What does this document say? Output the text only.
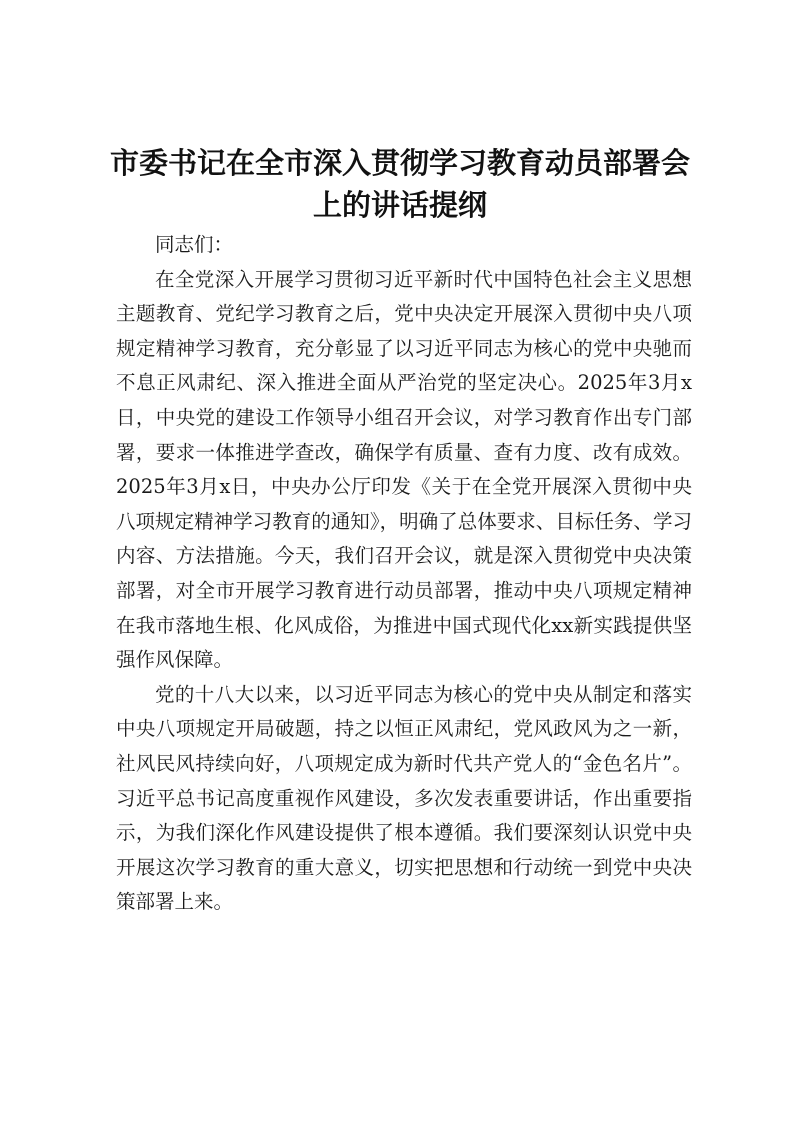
市委书记在全市深入贯彻学习教育动员部署会上的讲话提纲

同志们：

在全党深入开展学习贯彻习近平新时代中国特色社会主义思想主题教育、党纪学习教育之后，党中央决定开展深入贯彻中央八项规定精神学习教育，充分彰显了以习近平同志为核心的党中央驰而不息正风肃纪、深入推进全面从严治党的坚定决心。2025年3月x日，中央党的建设工作领导小组召开会议，对学习教育作出专门部署，要求一体推进学查改，确保学有质量、查有力度、改有成效。2025年3月x日，中央办公厅印发《关于在全党开展深入贯彻中央八项规定精神学习教育的通知》，明确了总体要求、目标任务、学习内容、方法措施。今天，我们召开会议，就是深入贯彻党中央决策部署，对全市开展学习教育进行动员部署，推动中央八项规定精神在我市落地生根、化风成俗，为推进中国式现代化xx新实践提供坚强作风保障。

党的十八大以来，以习近平同志为核心的党中央从制定和落实中央八项规定开局破题，持之以恒正风肃纪，党风政风为之一新，社风民风持续向好，八项规定成为新时代共产党人的“金色名片”。习近平总书记高度重视作风建设，多次发表重要讲话，作出重要指示，为我们深化作风建设提供了根本遵循。我们要深刻认识党中央开展这次学习教育的重大意义，切实把思想和行动统一到党中央决策部署上来。
